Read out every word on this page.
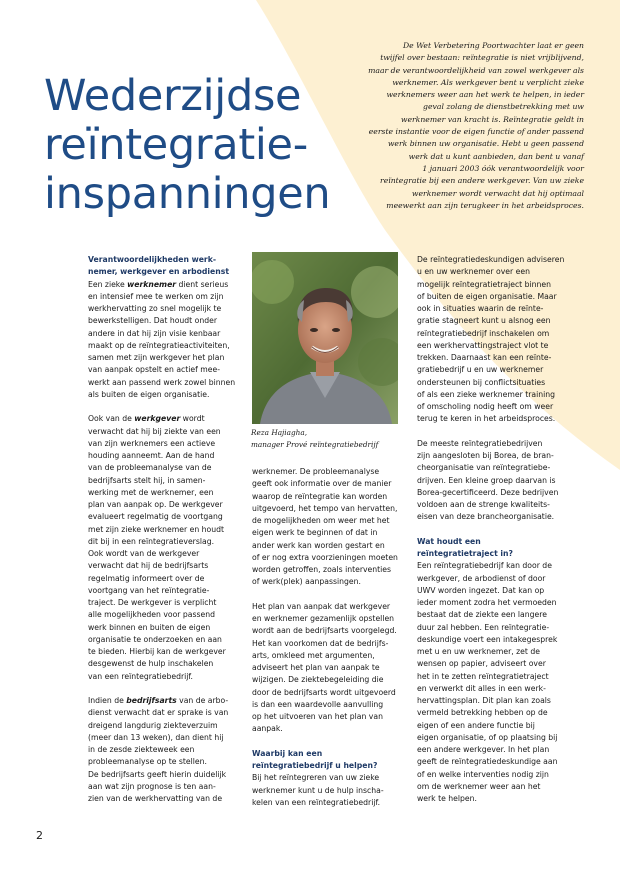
Wederzijdse
reïntegratie-
inspanningen
De Wet Verbetering Poortwachter laat er geen
twijfel over bestaan: reïntegratie is niet vrijblijvend,
maar de verantwoordelijkheid van zowel werkgever als
werknemer. Als werkgever bent u verplicht zieke
werknemers weer aan het werk te helpen, in ieder
geval zolang de dienstbetrekking met uw
werknemer van kracht is. Reïntegratie geldt in
eerste instantie voor de eigen functie of ander passend
werk binnen uw organisatie. Hebt u geen passend
werk dat u kunt aanbieden, dan bent u vanaf
1 januari 2003 óók verantwoordelijk voor
reïntegratie bij een andere werkgever. Van uw zieke
werknemer wordt verwacht dat hij optimaal
meewerkt aan zijn terugkeer in het arbeidsproces.
Verantwoordelijkheden werk-
nemer, werkgever en arbodienst

Een zieke werknemer dient serieus
en intensief mee te werken om zijn
werkhervatting zo snel mogelijk te
bewerkstelligen. Dat houdt onder
andere in dat hij zijn visie kenbaar
maakt op de reïntegratieactiviteiten,
samen met zijn werkgever het plan
van aanpak opstelt en actief mee-
werkt aan passend werk zowel binnen
als buiten de eigen organisatie.

Ook van de werkgever wordt
verwacht dat hij bij ziekte van een
van zijn werknemers een actieve
houding aanneemt. Aan de hand
van de probleemanalyse van de
bedrijfsarts stelt hij, in samen-
werking met de werknemer, een
plan van aanpak op. De werkgever
evalueert regelmatig de voortgang
met zijn zieke werknemer en houdt
dit bij in een reïntegratieverslag.
Ook wordt van de werkgever
verwacht dat hij de bedrijfsarts
regelmatig informeert over de
voortgang van het reïntegratie-
traject. De werkgever is verplicht
alle mogelijkheden voor passend
werk binnen en buiten de eigen
organisatie te onderzoeken en aan
te bieden. Hierbij kan de werkgever
desgewenst de hulp inschakelen
van een reïntegratiebedrijf.

Indien de bedrijfsarts van de arbo-
dienst verwacht dat er sprake is van
dreigend langdurig ziekteverzuim
(meer dan 13 weken), dan dient hij
in de zesde ziekteweek een
probleemanalyse op te stellen.
De bedrijfsarts geeft hierin duidelijk
aan wat zijn prognose is ten aan-
zien van de werkhervatting van de

Reza Hajiagha,
manager Prové reïntegratiebedrijf

werknemer. De probleemanalyse
geeft ook informatie over de manier
waarop de reïntegratie kan worden
uitgevoerd, het tempo van hervatten,
de mogelijkheden om weer met het
eigen werk te beginnen of dat in
ander werk kan worden gestart en
of er nog extra voorzieningen moeten
worden getroffen, zoals interventies
of werk(plek) aanpassingen.

Het plan van aanpak dat werkgever
en werknemer gezamenlijk opstellen
wordt aan de bedrijfsarts voorgelegd.
Het kan voorkomen dat de bedrijfs-
arts, omkleed met argumenten,
adviseert het plan van aanpak te
wijzigen. De ziektebegeleiding die
door de bedrijfsarts wordt uitgevoerd
is dan een waardevolle aanvulling
op het uitvoeren van het plan van
aanpak.

Waarbij kan een
reïntegratiebedrijf u helpen?

Bij het reïntegreren van uw zieke
werknemer kunt u de hulp inscha-
kelen van een reïntegratiebedrijf.

De reïntegratiedeskundigen adviseren
u en uw werknemer over een
mogelijk reïntegratietraject binnen
of buiten de eigen organisatie. Maar
ook in situaties waarin de reïnte-
gratie stagneert kunt u alsnog een
reïntegratiebedrijf inschakelen om
een werkhervattingstraject vlot te
trekken. Daarnaast kan een reïnte-
gratiebedrijf u en uw werknemer
ondersteunen bij conflictsituaties
of als een zieke werknemer training
of omscholing nodig heeft om weer
terug te keren in het arbeidsproces.

De meeste reïntegratiebedrijven
zijn aangesloten bij Borea, de bran-
cheorganisatie van reïntegratiebe-
drijven. Een kleine groep daarvan is
Borea-gecertificeerd. Deze bedrijven
voldoen aan de strenge kwaliteits-
eisen van deze brancheorganisatie.

Wat houdt een
reïntegratietraject in?

Een reïntegratiebedrijf kan door de
werkgever, de arbodienst of door
UWV worden ingezet. Dat kan op
ieder moment zodra het vermoeden
bestaat dat de ziekte een langere
duur zal hebben. Een reïntegratie-
deskundige voert een intakegesprek
met u en uw werknemer, zet de
wensen op papier, adviseert over
het in te zetten reïntegratietraject
en verwerkt dit alles in een werk-
hervattingsplan. Dit plan kan zoals
vermeld betrekking hebben op de
eigen of een andere functie bij
eigen organisatie, of op plaatsing bij
een andere werkgever. In het plan
geeft de reïntegratiedeskundige aan
of en welke interventies nodig zijn
om de werknemer weer aan het
werk te helpen.

2
